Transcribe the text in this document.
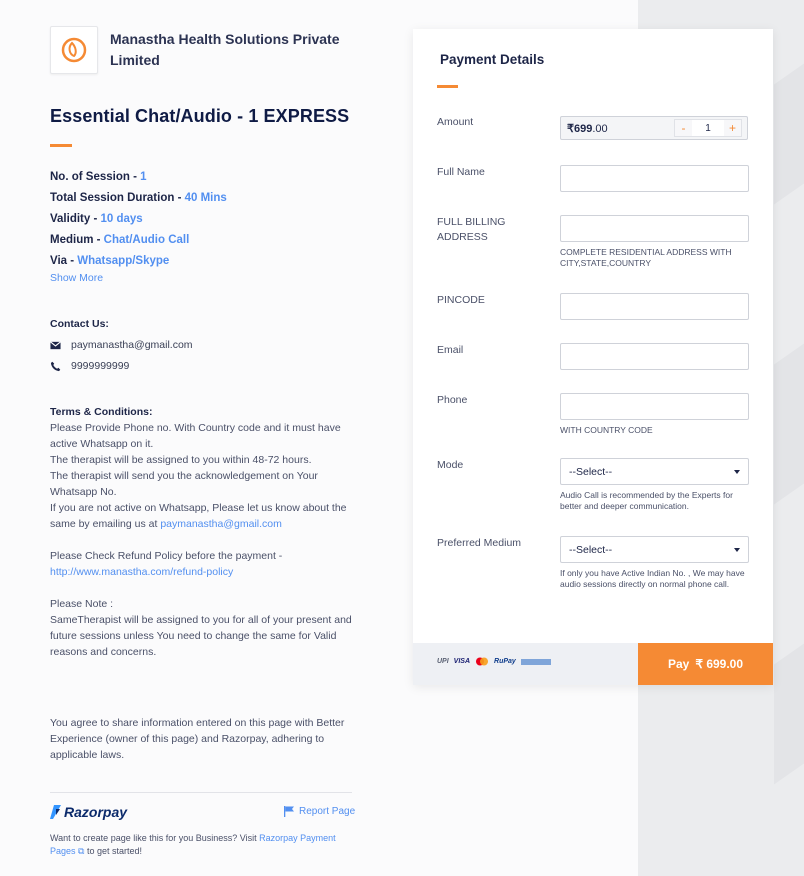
Manastha Health Solutions Private Limited
Essential Chat/Audio - 1 EXPRESS
No. of Session - 1
Total Session Duration - 40 Mins
Validity - 10 days
Medium - Chat/Audio Call
Via - Whatsapp/Skype
Show More
Contact Us:
paymanastha@gmail.com
9999999999
Terms & Conditions:

Please Provide Phone no. With Country code and it must have active Whatsapp on it.

The therapist will be assigned to you within 48-72 hours.

The therapist will send you the acknowledgement on Your Whatsapp No.

If you are not active on Whatsapp, Please let us know about the same by emailing us at paymanastha@gmail.com

Please Check Refund Policy before the payment -

http://www.manastha.com/refund-policy

Please Note :

SameTherapist will be assigned to you for all of your present and future sessions unless You need to change the same for Valid reasons and concerns.

You agree to share information entered on this page with Better Experience (owner of this page) and Razorpay, adhering to applicable laws.
Razorpay	Report Page
Want to create page like this for you Business? Visit Razorpay Payment Pages ⧉ to get started!
Payment Details
Amount
₹699.00	-	1	+
Full Name
FULL BILLING ADDRESS
COMPLETE RESIDENTIAL ADDRESS WITH CITY,STATE,COUNTRY
PINCODE
Email
Phone
WITH COUNTRY CODE
Mode
--Select--
Audio Call is recommended by the Experts for better and deeper communication.
Preferred Medium
--Select--
If only you have Active Indian No. , We may have audio sessions directly on normal phone call.
UPI VISA	RuPay	Pay ₹ 699.00
